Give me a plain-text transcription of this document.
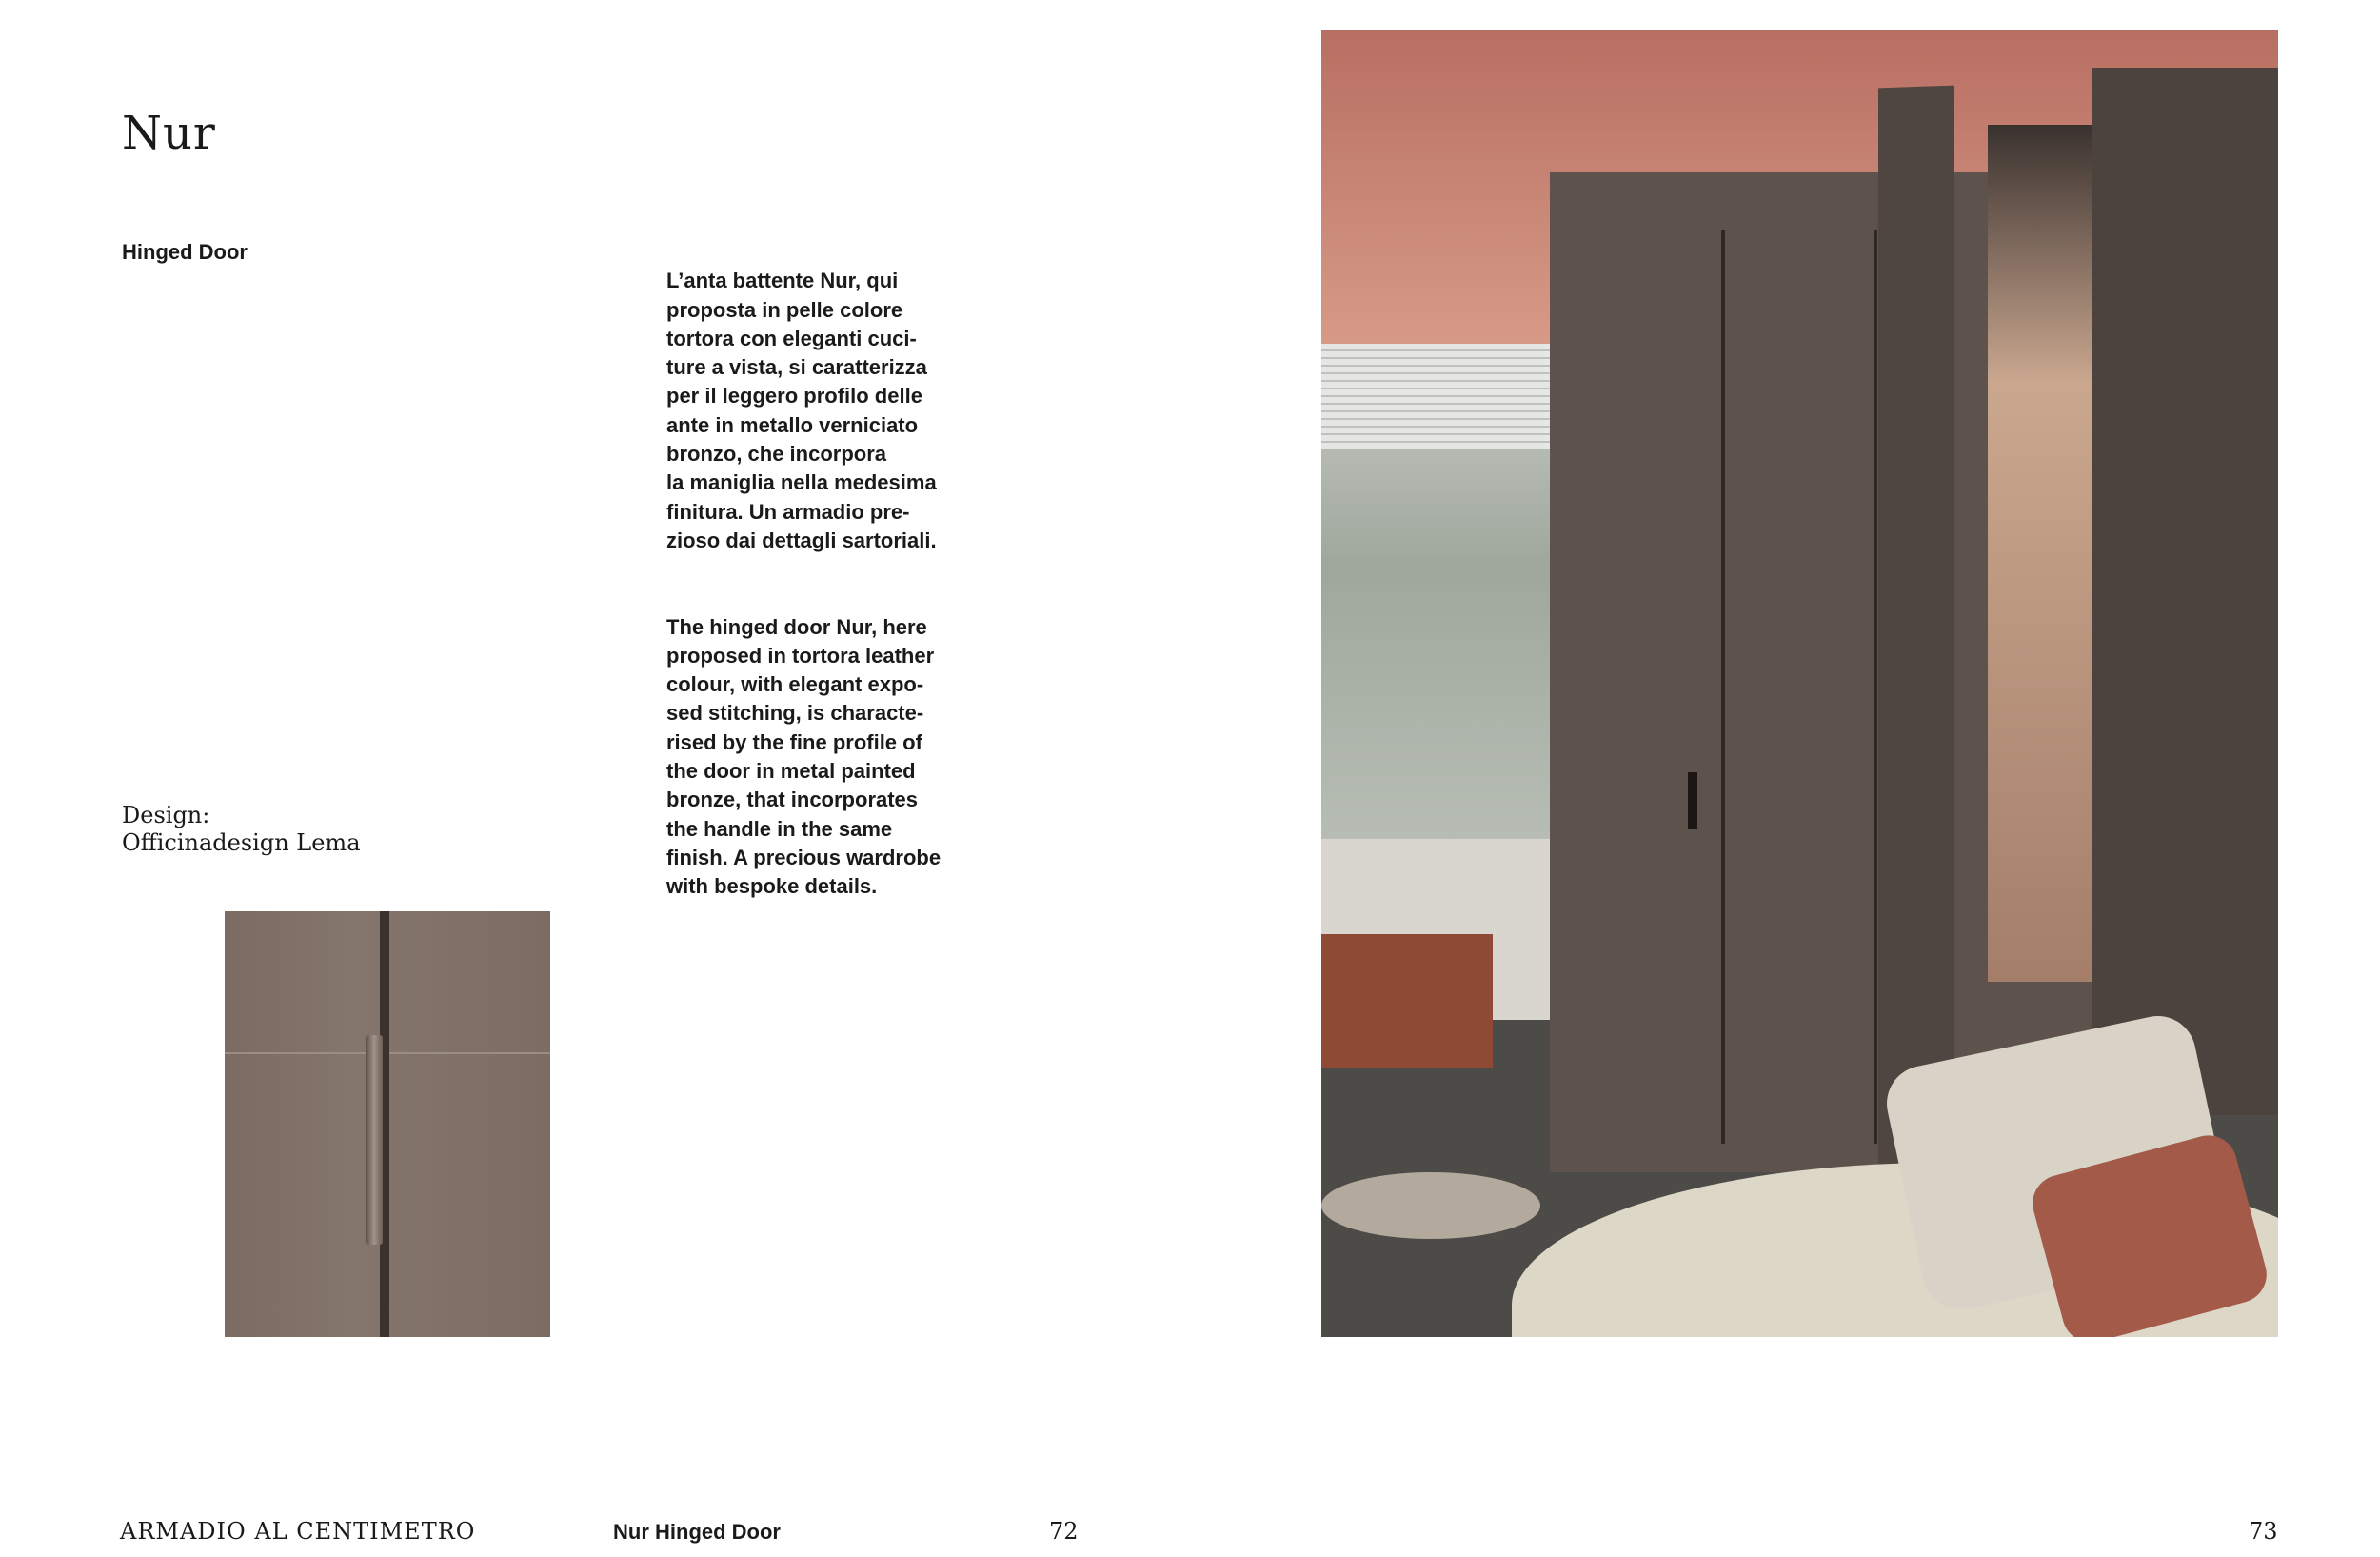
Nur
Hinged Door

L’anta battente Nur, qui
proposta in pelle colore
tortora con eleganti cuci-
ture a vista, si caratterizza
per il leggero profilo delle
ante in metallo verniciato
bronzo, che incorpora
la maniglia nella medesima
finitura. Un armadio pre-
zioso dai dettagli sartoriali.

The hinged door Nur, here
proposed in tortora leather
colour, with elegant expo-
sed stitching, is characte-
rised by the fine profile of
the door in metal painted
bronze, that incorporates
the handle in the same
finish. A precious wardrobe
with bespoke details.

Design:
Officinadesign Lema
ARMADIO AL CENTIMETRO	Nur Hinged Door	72	73
